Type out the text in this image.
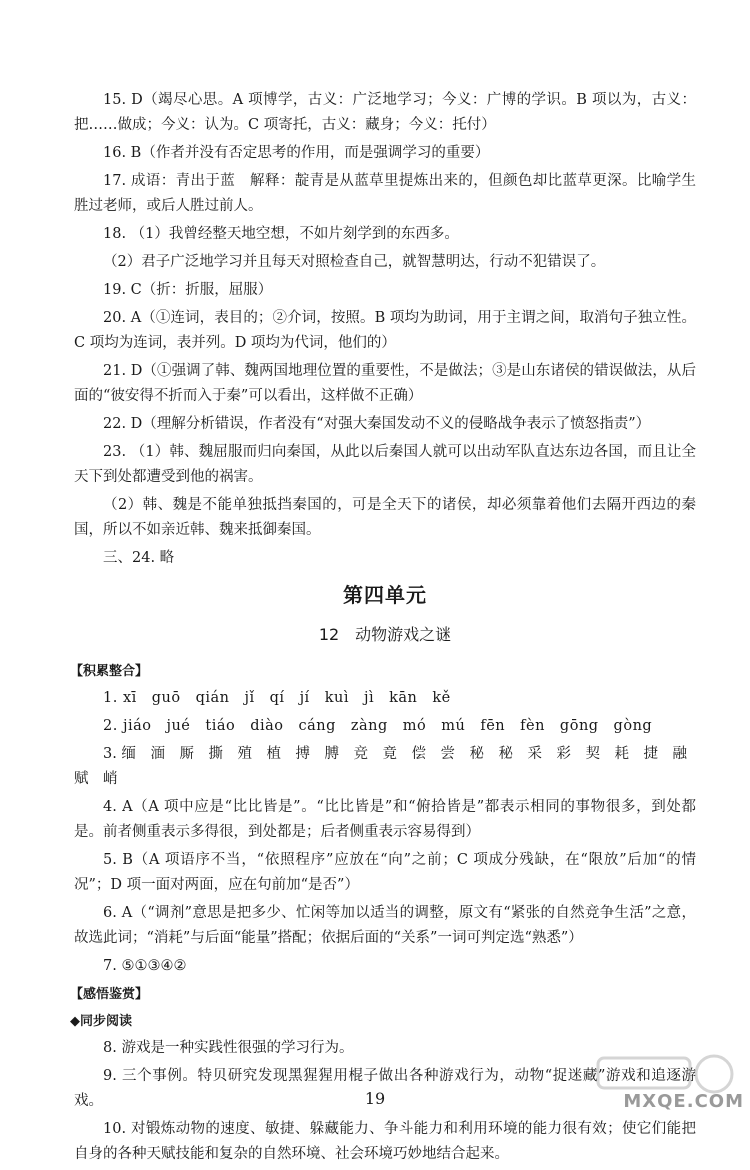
15. D（竭尽心思。A 项博学，古义：广泛地学习；今义：广博的学识。B 项以为，古义：把……做成；今义：认为。C 项寄托，古义：藏身；今义：托付）

16. B（作者并没有否定思考的作用，而是强调学习的重要）

17. 成语：青出于蓝　解释：靛青是从蓝草里提炼出来的，但颜色却比蓝草更深。比喻学生胜过老师，或后人胜过前人。

18. （1）我曾经整天地空想，不如片刻学到的东西多。

（2）君子广泛地学习并且每天对照检查自己，就智慧明达，行动不犯错误了。

19. C（折：折服，屈服）

20. A（①连词，表目的；②介词，按照。B 项均为助词，用于主谓之间，取消句子独立性。C 项均为连词，表并列。D 项均为代词，他们的）

21. D（①强调了韩、魏两国地理位置的重要性，不是做法；③是山东诸侯的错误做法，从后面的“彼安得不折而入于秦”可以看出，这样做不正确）

22. D（理解分析错误，作者没有“对强大秦国发动不义的侵略战争表示了愤怒指责”）

23. （1）韩、魏屈服而归向秦国，从此以后秦国人就可以出动军队直达东边各国，而且让全天下到处都遭受到他的祸害。

（2）韩、魏是不能单独抵挡秦国的，可是全天下的诸侯，却必须靠着他们去隔开西边的秦国，所以不如亲近韩、魏来抵御秦国。

三、24. 略

第四单元
12　动物游戏之谜
【积累整合】

1. xī　guō　qián　jǐ　qí　jí　kuì　jì　kān　kě

2. jiáo　jué　tiáo　diào　cáng　zàng　mó　mú　fēn　fèn　gōng　gòng

3. 缅　湎　厮　撕　殖　植　搏　膊　竞　竟　偿　尝　秘　秘　采　彩　契　耗　捷　融
赋　峭

4. A（A 项中应是“比比皆是”。“比比皆是”和“俯拾皆是”都表示相同的事物很多，到处都是。前者侧重表示多得很，到处都是；后者侧重表示容易得到）

5. B（A 项语序不当，“依照程序”应放在“向”之前；C 项成分残缺，在“限放”后加“的情况”；D 项一面对两面，应在句前加“是否”）

6. A（“调剂”意思是把多少、忙闲等加以适当的调整，原文有“紧张的自然竞争生活”之意，故选此词；“消耗”与后面“能量”搭配；依据后面的“关系”一词可判定选“熟悉”）

7. ⑤①③④②

【感悟鉴赏】
◆同步阅读

8. 游戏是一种实践性很强的学习行为。

9. 三个事例。特贝研究发现黑猩猩用棍子做出各种游戏行为，动物“捉迷藏”游戏和追逐游戏。

10. 对锻炼动物的速度、敏捷、躲藏能力、争斗能力和利用环境的能力很有效；使它们能把自身的各种天赋技能和复杂的自然环境、社会环境巧妙地结合起来。

19	MXQE.COM
